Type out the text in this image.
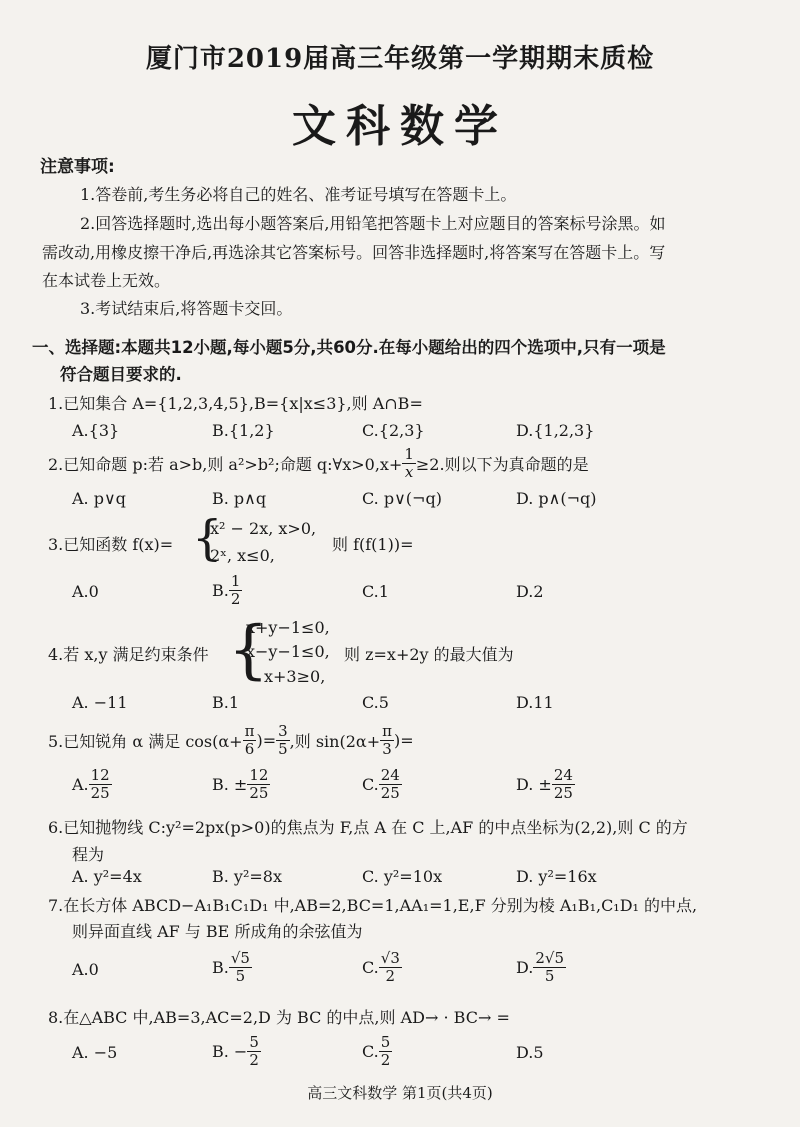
厦门市2019届高三年级第一学期期末质检
文科数学
注意事项:
1.答卷前,考生务必将自己的姓名、准考证号填写在答题卡上。
2.回答选择题时,选出每小题答案后,用铅笔把答题卡上对应题目的答案标号涂黑。如
需改动,用橡皮擦干净后,再选涂其它答案标号。回答非选择题时,将答案写在答题卡上。写
在本试卷上无效。
3.考试结束后,将答题卡交回。
一、选择题:本题共12小题,每小题5分,共60分.在每小题给出的四个选项中,只有一项是
符合题目要求的.
1.已知集合 A={1,2,3,4,5},B={x|x≤3},则 A∩B=
A.{3}	B.{1,2}	C.{2,3}	D.{1,2,3}
2.已知命题 p:若 a>b,则 a²>b²;命题 q:∀x>0,x+ $\frac{1}{x} \ge 2$.则以下为真命题的是
A. p∨q	B. p∧q	C. p∨(¬q)	D. p∧(¬q)
3.已知函数 f(x)= {
x² − 2x, x>0,
2ˣ, x≤0,
则 f(f(1))=
A.0	B. $\frac{1}{2}$	C.1	D.2
4.若 x,y 满足约束条件 {
x+y−1≤0,
x−y−1≤0,
x+3≥0,
则 z=x+2y 的最大值为
A. −11	B.1	C.5	D.11
5.已知锐角 α 满足 $\cos(\alpha+ \frac{\pi}{6}$ )= $\frac{3}{5}$ ,则 $\sin(2\alpha+ \frac{\pi}{3}$ )=
A. $\frac{12}{25}$	B. ± $\frac{12}{25}$	C. $\frac{24}{25}$	D. ± $\frac{24}{25}$
6.已知抛物线 C:y²=2px(p>0)的焦点为 F,点 A 在 C 上,AF 的中点坐标为(2,2),则 C 的方
程为
A. y²=4x	B. y²=8x	C. y²=10x	D. y²=16x
7.在长方体 ABCD−A₁B₁C₁D₁ 中,AB=2,BC=1,AA₁=1,E,F 分别为棱 A₁B₁,C₁D₁ 的中点,
则异面直线 AF 与 BE 所成角的余弦值为
A.0	B. $\frac{√5}{5}$	C. $\frac{√3}{2}$	D. $\frac{2√5}{5}$
8.在△ABC 中,AB=3,AC=2,D 为 BC 的中点,则 AD→ · BC→ =
A. −5	B. − $\frac{5}{2}$	C. $\frac{5}{2}$	D.5
高三文科数学 第1页(共4页)
